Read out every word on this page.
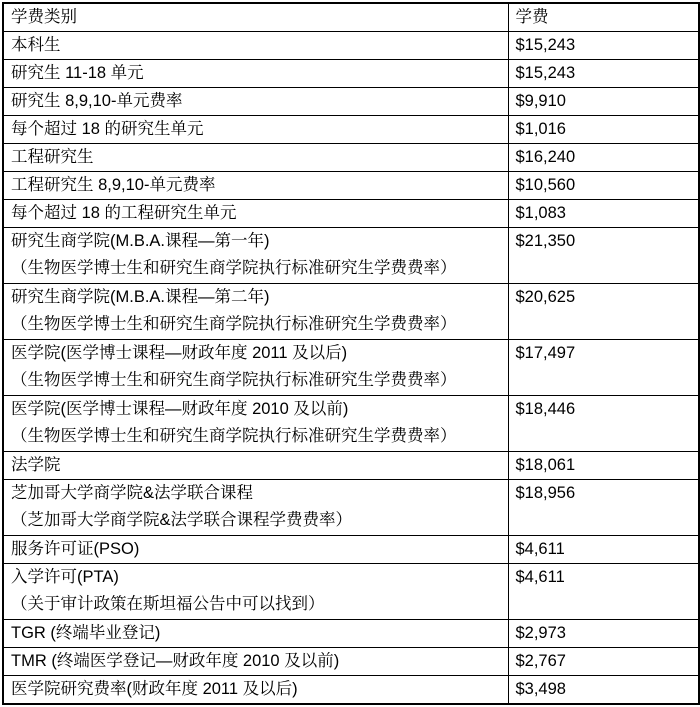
学费类别	学费

本科生	$15,243

研究生 11-18 单元	$15,243

研究生 8,9,10-单元费率	$9,910

每个超过 18 的研究生单元	$1,016

工程研究生	$16,240

工程研究生 8,9,10-单元费率	$10,560

每个超过 18 的工程研究生单元	$1,083

研究生商学院(M.B.A.课程—第一年)
（生物医学博士生和研究生商学院执行标准研究生学费费率）	$21,350

研究生商学院(M.B.A.课程—第二年)
（生物医学博士生和研究生商学院执行标准研究生学费费率）	$20,625

医学院(医学博士课程—财政年度 2011 及以后)
（生物医学博士生和研究生商学院执行标准研究生学费费率）	$17,497

医学院(医学博士课程—财政年度 2010 及以前)
（生物医学博士生和研究生商学院执行标准研究生学费费率）	$18,446

法学院	$18,061

芝加哥大学商学院&法学联合课程
（芝加哥大学商学院&法学联合课程学费费率）	$18,956

服务许可证(PSO)	$4,611

入学许可(PTA)
（关于审计政策在斯坦福公告中可以找到）	$4,611

TGR (终端毕业登记)	$2,973

TMR (终端医学登记—财政年度 2010 及以前)	$2,767

医学院研究费率(财政年度 2011 及以后)	$3,498
